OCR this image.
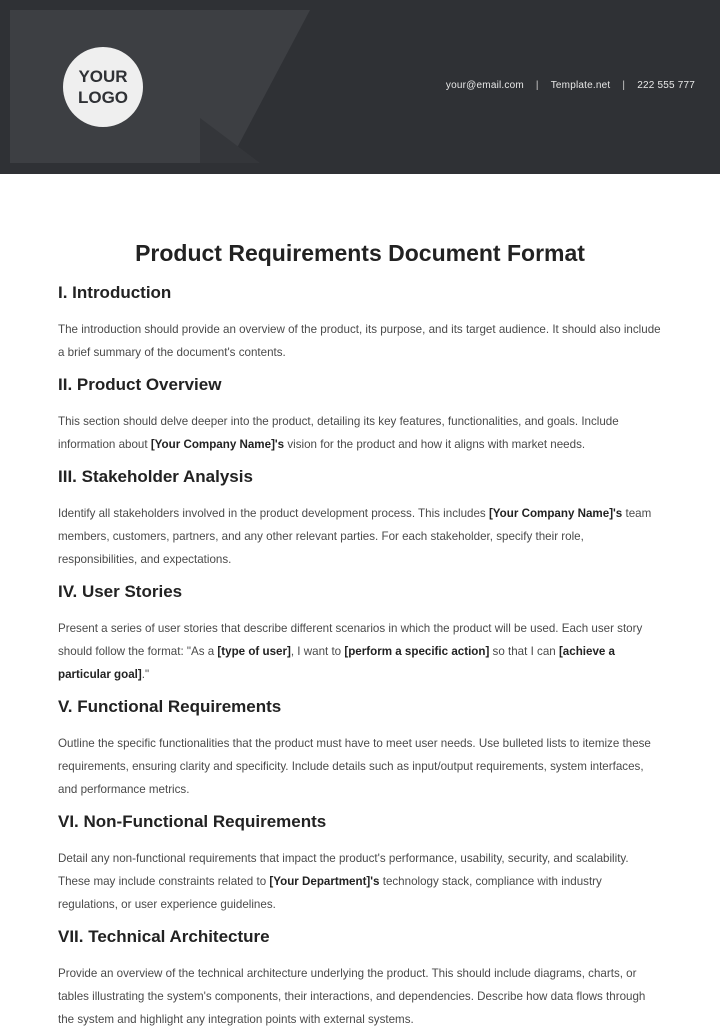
YOUR
LOGO
your@email.com | Template.net | 222 555 777
Product Requirements Document Format
I. Introduction
The introduction should provide an overview of the product, its purpose, and its target audience. It should also include a brief summary of the document's contents.
II. Product Overview
This section should delve deeper into the product, detailing its key features, functionalities, and goals. Include information about [Your Company Name]'s vision for the product and how it aligns with market needs.
III. Stakeholder Analysis
Identify all stakeholders involved in the product development process. This includes [Your Company Name]'s team members, customers, partners, and any other relevant parties. For each stakeholder, specify their role, responsibilities, and expectations.
IV. User Stories
Present a series of user stories that describe different scenarios in which the product will be used. Each user story should follow the format: "As a [type of user], I want to [perform a specific action] so that I can [achieve a particular goal]."
V. Functional Requirements
Outline the specific functionalities that the product must have to meet user needs. Use bulleted lists to itemize these requirements, ensuring clarity and specificity. Include details such as input/output requirements, system interfaces, and performance metrics.
VI. Non-Functional Requirements
Detail any non-functional requirements that impact the product's performance, usability, security, and scalability. These may include constraints related to [Your Department]'s technology stack, compliance with industry regulations, or user experience guidelines.
VII. Technical Architecture
Provide an overview of the technical architecture underlying the product. This should include diagrams, charts, or tables illustrating the system's components, their interactions, and dependencies. Describe how data flows through the system and highlight any integration points with external systems.
